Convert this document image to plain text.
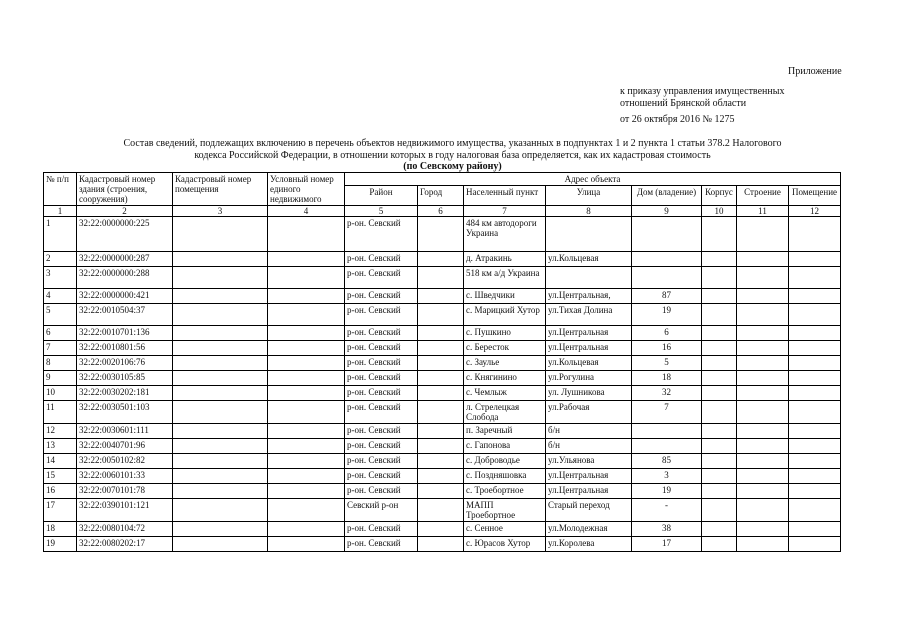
Приложение
к приказу управления имущественных
отношений Брянской области
от 26 октября 2016 № 1275
Состав сведений, подлежащих включению в перечень объектов недвижимого имущества, указанных в подпунктах 1 и 2 пункта 1 статьи 378.2 Налогового
кодекса Российской Федерации, в отношении которых в году налоговая база определяется, как их кадастровая стоимость
(по Севскому району)
№ п/п	Кадастровый номер здания (строения, сооружения)	Кадастровый номер помещения	Условный номер единого недвижимого	Адрес объекта							
				Район	Город	Населенный пункт	Улица	Дом (владение)	Корпус	Строение	Помещение
1	2	3	4	5	6	7	8	9	10	11	12
1	32:22:0000000:225			р-он. Севский		484 км автодороги Украина					
2	32:22:0000000:287			р-он. Севский		д. Атракинь	ул.Кольцевая				
3	32:22:0000000:288			р-он. Севский		518 км а/д Украина					
4	32:22:0000000:421			р-он. Севский		с. Шведчики	ул.Центральная,	87			
5	32:22:0010504:37			р-он. Севский		с. Марицкий Хутор	ул.Тихая Долина	19			
6	32:22:0010701:136			р-он. Севский		с. Пушкино	ул.Центральная	6			
7	32:22:0010801:56			р-он. Севский		с. Бересток	ул.Центральная	16			
8	32:22:0020106:76			р-он. Севский		с. Заулье	ул.Кольцевая	5			
9	32:22:0030105:85			р-он. Севский		с. Княгинино	ул.Рогулина	18			
10	32:22:0030202:181			р-он. Севский		с. Чемлыж	ул. Лушникова	32			
11	32:22:0030501:103			р-он. Севский		л. Стрелецкая Слобода	ул.Рабочая	7			
12	32:22:0030601:111			р-он. Севский		п. Заречный	б/н				
13	32:22:0040701:96			р-он. Севский		с. Гапонова	б/н				
14	32:22:0050102:82			р-он. Севский		с. Доброводье	ул.Ульянова	85			
15	32:22:0060101:33			р-он. Севский		с. Поздняшовка	ул.Центральная	3			
16	32:22:0070101:78			р-он. Севский		с. Троебортное	ул.Центральная	19			
17	32:22:0390101:121			Севский р-он		МАПП Троебортное	Старый переход	-			
18	32:22:0080104:72			р-он. Севский		с. Сенное	ул.Молодежная	38			
19	32:22:0080202:17			р-он. Севский		с. Юрасов Хутор	ул.Королева	17			
